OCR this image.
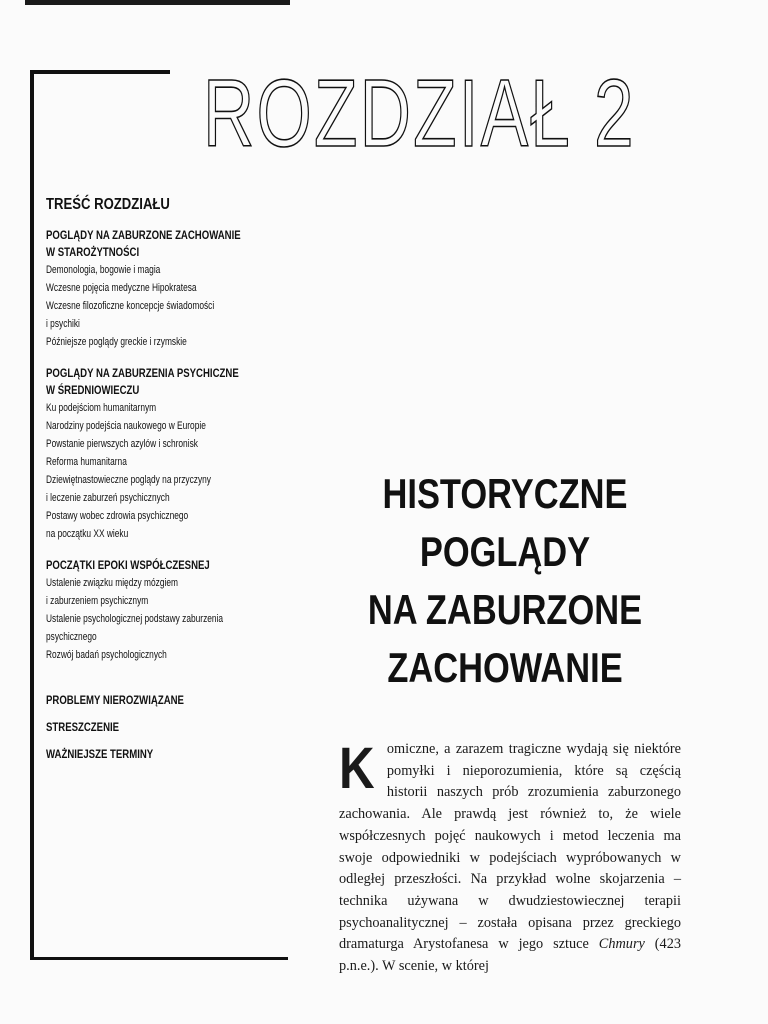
ROZDZIAŁ 2
TREŚĆ ROZDZIAŁU
POGLĄDY NA ZABURZONE ZACHOWANIE
W STAROŻYTNOŚCI
Demonologia, bogowie i magia
Wczesne pojęcia medyczne Hipokratesa
Wczesne filozoficzne koncepcje świadomości
i psychiki
Późniejsze poglądy greckie i rzymskie
POGLĄDY NA ZABURZENIA PSYCHICZNE
W ŚREDNIOWIECZU
Ku podejściom humanitarnym
Narodziny podejścia naukowego w Europie
Powstanie pierwszych azylów i schronisk
Reforma humanitarna
Dziewiętnastowieczne poglądy na przyczyny
i leczenie zaburzeń psychicznych
Postawy wobec zdrowia psychicznego
na początku XX wieku
POCZĄTKI EPOKI WSPÓŁCZESNEJ
Ustalenie związku między mózgiem
i zaburzeniem psychicznym
Ustalenie psychologicznej podstawy zaburzenia
psychicznego
Rozwój badań psychologicznych
PROBLEMY NIEROZWIĄZANE
STRESZCZENIE
WAŻNIEJSZE TERMINY
HISTORYCZNE
POGLĄDY
NA ZABURZONE
ZACHOWANIE
Komiczne, a zarazem tragiczne wydają się niektóre pomyłki i nieporozumienia, które są częścią historii naszych prób zrozumienia zaburzonego zachowania. Ale prawdą jest również to, że wiele współczesnych pojęć naukowych i metod leczenia ma swoje odpowiedniki w podejściach wypróbowanych w odległej przeszłości. Na przykład wolne skojarzenia – technika używana w dwudziestowiecznej terapii psychoanalitycznej – została opisana przez greckiego dramaturga Arystofanesa w jego sztuce Chmury (423 p.n.e.). W scenie, w której
